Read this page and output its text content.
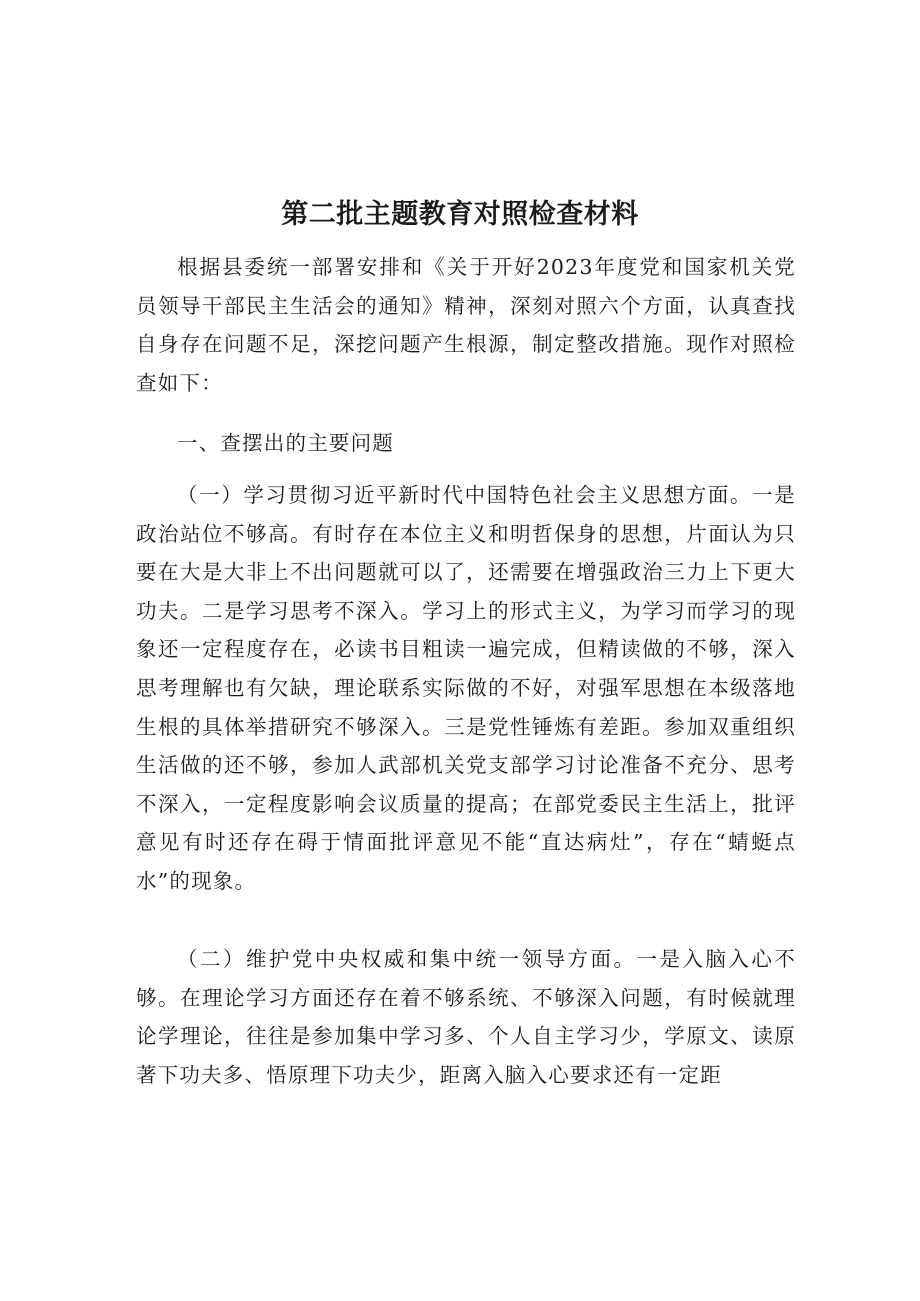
第二批主题教育对照检查材料

根据县委统一部署安排和《关于开好2023年度党和国家机关党员领导干部民主生活会的通知》精神，深刻对照六个方面，认真查找自身存在问题不足，深挖问题产生根源，制定整改措施。现作对照检查如下：

一、查摆出的主要问题

（一）学习贯彻习近平新时代中国特色社会主义思想方面。一是政治站位不够高。有时存在本位主义和明哲保身的思想，片面认为只要在大是大非上不出问题就可以了，还需要在增强政治三力上下更大功夫。二是学习思考不深入。学习上的形式主义，为学习而学习的现象还一定程度存在，必读书目粗读一遍完成，但精读做的不够，深入思考理解也有欠缺，理论联系实际做的不好，对强军思想在本级落地生根的具体举措研究不够深入。三是党性锤炼有差距。参加双重组织生活做的还不够，参加人武部机关党支部学习讨论准备不充分、思考不深入，一定程度影响会议质量的提高；在部党委民主生活上，批评意见有时还存在碍于情面批评意见不能“直达病灶”，存在“蜻蜓点水”的现象。

（二）维护党中央权威和集中统一领导方面。一是入脑入心不够。在理论学习方面还存在着不够系统、不够深入问题，有时候就理论学理论，往往是参加集中学习多、个人自主学习少，学原文、读原著下功夫多、悟原理下功夫少，距离入脑入心要求还有一定距
